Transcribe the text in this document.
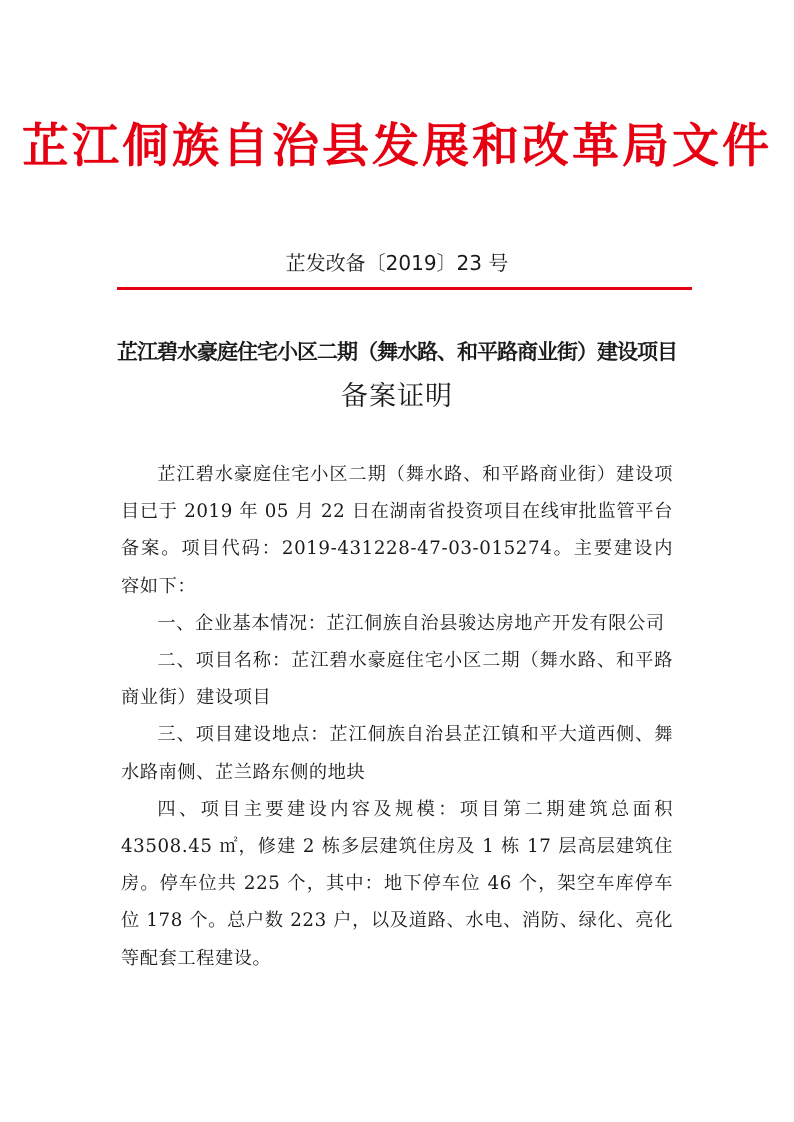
芷江侗族自治县发展和改革局文件
芷发改备〔2019〕23 号
芷江碧水豪庭住宅小区二期（舞水路、和平路商业街）建设项目
备案证明

芷江碧水豪庭住宅小区二期（舞水路、和平路商业街）建设项目已于 2019 年 05 月 22 日在湖南省投资项目在线审批监管平台备案。项目代码：2019-431228-47-03-015274。主要建设内容如下：

一、企业基本情况：芷江侗族自治县骏达房地产开发有限公司

二、项目名称：芷江碧水豪庭住宅小区二期（舞水路、和平路商业街）建设项目

三、项目建设地点：芷江侗族自治县芷江镇和平大道西侧、舞水路南侧、芷兰路东侧的地块

四、项目主要建设内容及规模：项目第二期建筑总面积 43508.45 ㎡，修建 2 栋多层建筑住房及 1 栋 17 层高层建筑住房。停车位共 225 个，其中：地下停车位 46 个，架空车库停车位 178 个。总户数 223 户，以及道路、水电、消防、绿化、亮化等配套工程建设。
